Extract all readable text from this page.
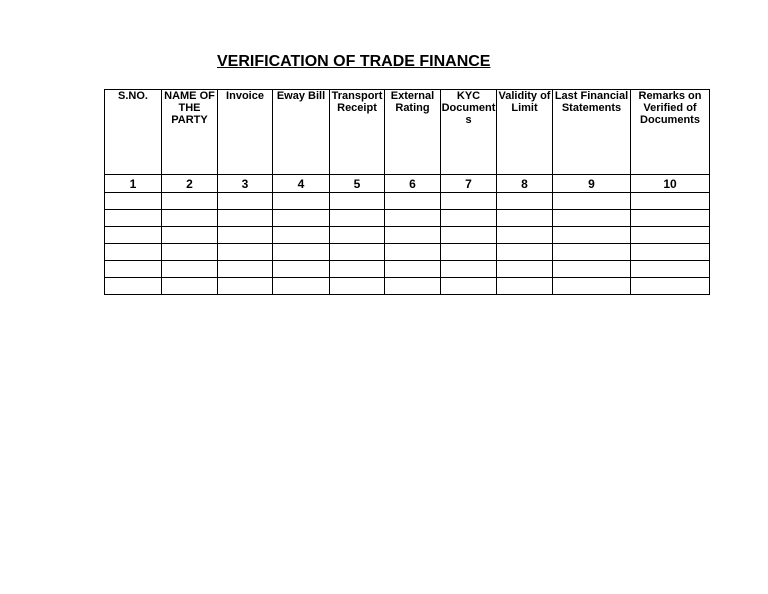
VERIFICATION OF TRADE FINANCE
S.NO.	NAME OF THE PARTY	Invoice	Eway Bill	Transport Receipt	External Rating	KYC Documents	Validity of Limit	Last Financial Statements	Remarks on Verified of Documents
1	2	3	4	5	6	7	8	9	10
